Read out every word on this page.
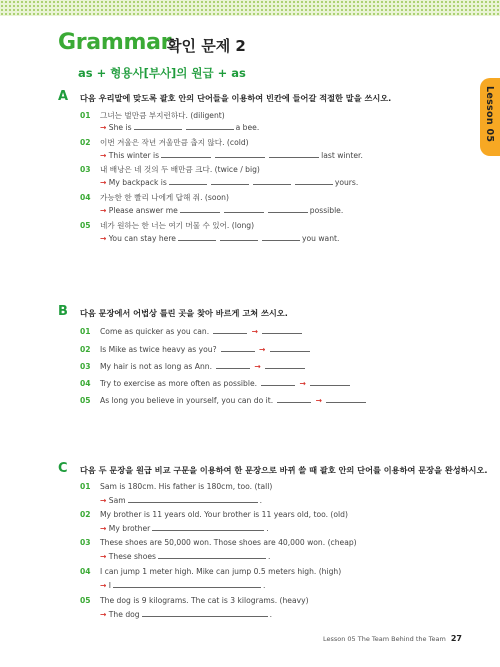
Grammar
확인 문제 2
as + 형용사[부사]의 원급 + as
Lesson 05
A 다음 우리말에 맞도록 괄호 안의 단어들을 이용하여 빈칸에 들어갈 적절한 말을 쓰시오.
01 그녀는 벌만큼 부지런하다. (diligent)
→ She is	a bee.
02 이번 겨울은 작년 겨울만큼 춥지 않다. (cold)
→ This winter is	last winter.
03 내 배낭은 네 것의 두 배만큼 크다. (twice / big)
→ My backpack is	yours.
04 가능한 한 빨리 나에게 답해 줘. (soon)
→ Please answer me	possible.
05 네가 원하는 한 너는 여기 머물 수 있어. (long)
→ You can stay here	you want.
B 다음 문장에서 어법상 틀린 곳을 찾아 바르게 고쳐 쓰시오.
01 Come as quicker as you can.	→
02 Is Mike as twice heavy as you?	→
03 My hair is not as long as Ann.	→
04 Try to exercise as more often as possible.	→
05 As long you believe in yourself, you can do it.	→
C 다음 두 문장을 원급 비교 구문을 이용하여 한 문장으로 바뀌 쓸 때 괄호 안의 단어를 이용하여 문장을 완성하시오.
01 Sam is 180cm. His father is 180cm, too. (tall)
→ Sam	.
02 My brother is 11 years old. Your brother is 11 years old, too. (old)
→ My brother	.
03 These shoes are 50,000 won. Those shoes are 40,000 won. (cheap)
→ These shoes	.
04 I can jump 1 meter high. Mike can jump 0.5 meters high. (high)
→ I	.
05 The dog is 9 kilograms. The cat is 3 kilograms. (heavy)
→ The dog	.
Lesson 05​ The Team Behind the Team 27
